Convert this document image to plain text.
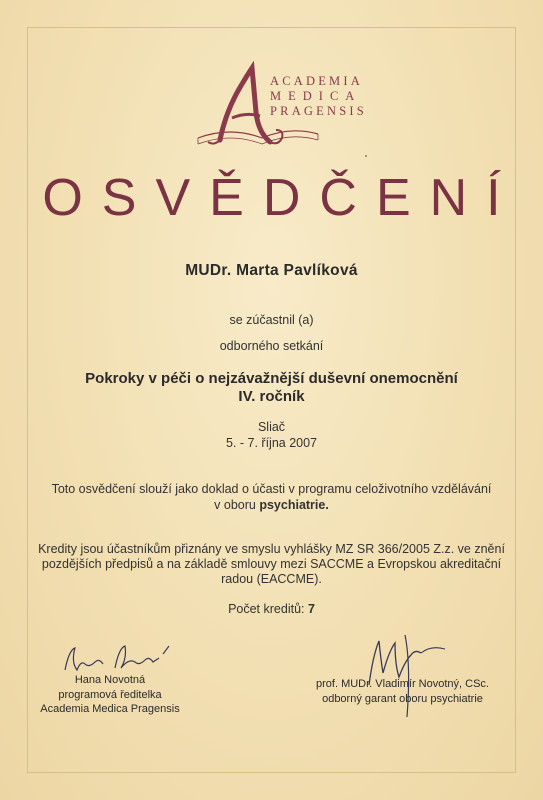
ACADEMIA
MEDICA
PRAGENSIS
OSVĚDČENÍ
MUDr. Marta Pavlíková
se zúčastnil (a)
odborného setkání
Pokroky v péči o nejzávažnější duševní onemocnění
IV. ročník
Sliač
5. - 7. října 2007
Toto osvědčení slouží jako doklad o účasti v programu celoživotního vzdělávání
v oboru psychiatrie.
Kredity jsou účastníkům přiznány ve smyslu vyhlášky MZ SR 366/2005 Z.z. ve znění
pozdějších předpisů a na základě smlouvy mezi SACCME a Evropskou akreditační
radou (EACCME).
Počet kreditů: 7
Hana Novotná
programová ředitelka
Academia Medica Pragensis
prof. MUDr. Vladimír Novotný, CSc.
odborný garant oboru psychiatrie
